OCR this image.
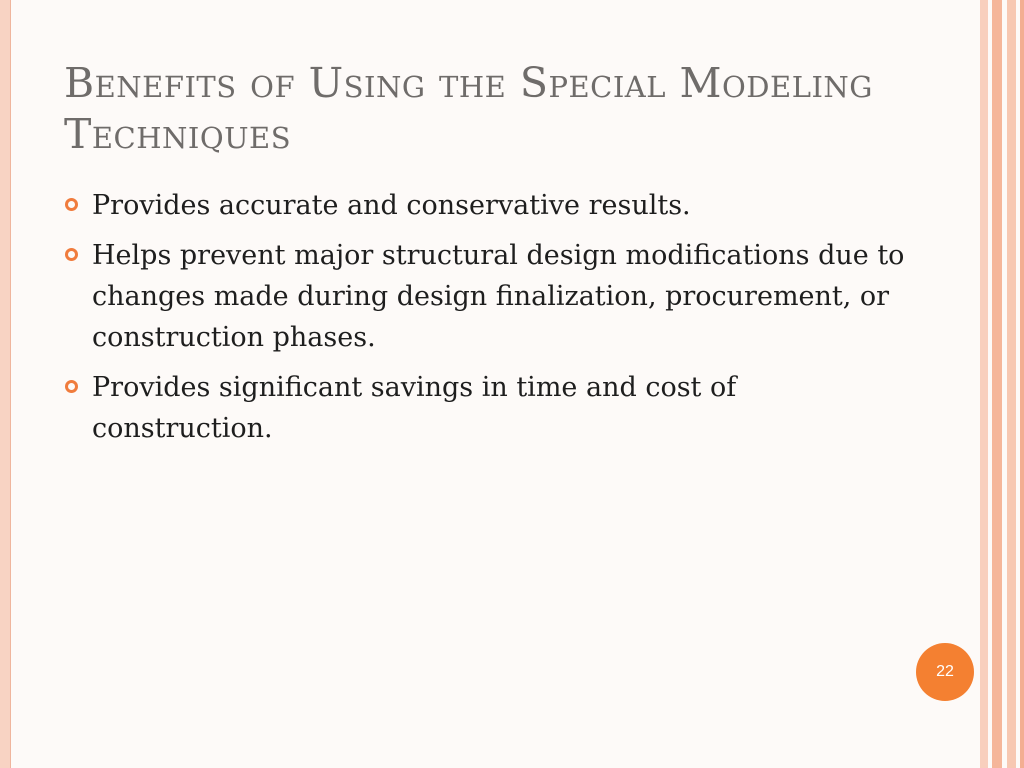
Benefits of Using the Special Modeling Techniques
Provides accurate and conservative results.
Helps prevent major structural design modifications due to changes made during design finalization, procurement, or construction phases.
Provides significant savings in time and cost of construction.
22
